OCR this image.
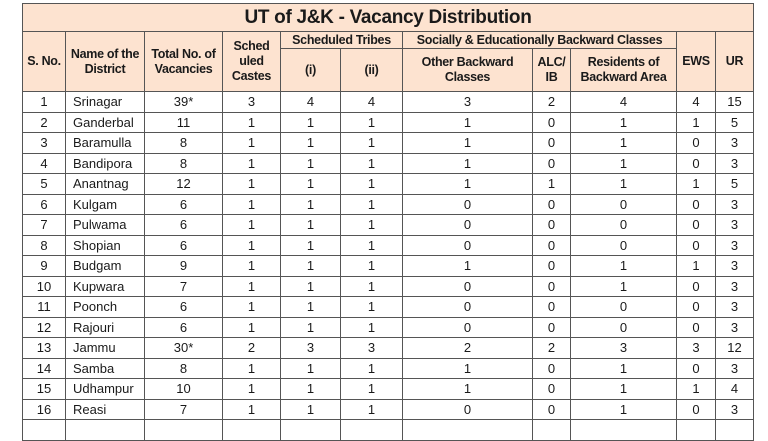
UT of J&K - Vacancy Distribution										
S. No.	Name of the District	Total No. of Vacancies	Sched uled Castes	Scheduled Tribes		Socially & Educationally Backward Classes			EWS	UR
				(i)	(ii)	Other Backward Classes	ALC/ IB	Residents of Backward Area		
1	Srinagar	39*	3	4	4	3	2	4	4	15
2	Ganderbal	11	1	1	1	1	0	1	1	5
3	Baramulla	8	1	1	1	1	0	1	0	3
4	Bandipora	8	1	1	1	1	0	1	0	3
5	Anantnag	12	1	1	1	1	1	1	1	5
6	Kulgam	6	1	1	1	0	0	0	0	3
7	Pulwama	6	1	1	1	0	0	0	0	3
8	Shopian	6	1	1	1	0	0	0	0	3
9	Budgam	9	1	1	1	1	0	1	1	3
10	Kupwara	7	1	1	1	0	0	1	0	3
11	Poonch	6	1	1	1	0	0	0	0	3
12	Rajouri	6	1	1	1	0	0	0	0	3
13	Jammu	30*	2	3	3	2	2	3	3	12
14	Samba	8	1	1	1	1	0	1	0	3
15	Udhampur	10	1	1	1	1	0	1	1	4
16	Reasi	7	1	1	1	0	0	1	0	3
